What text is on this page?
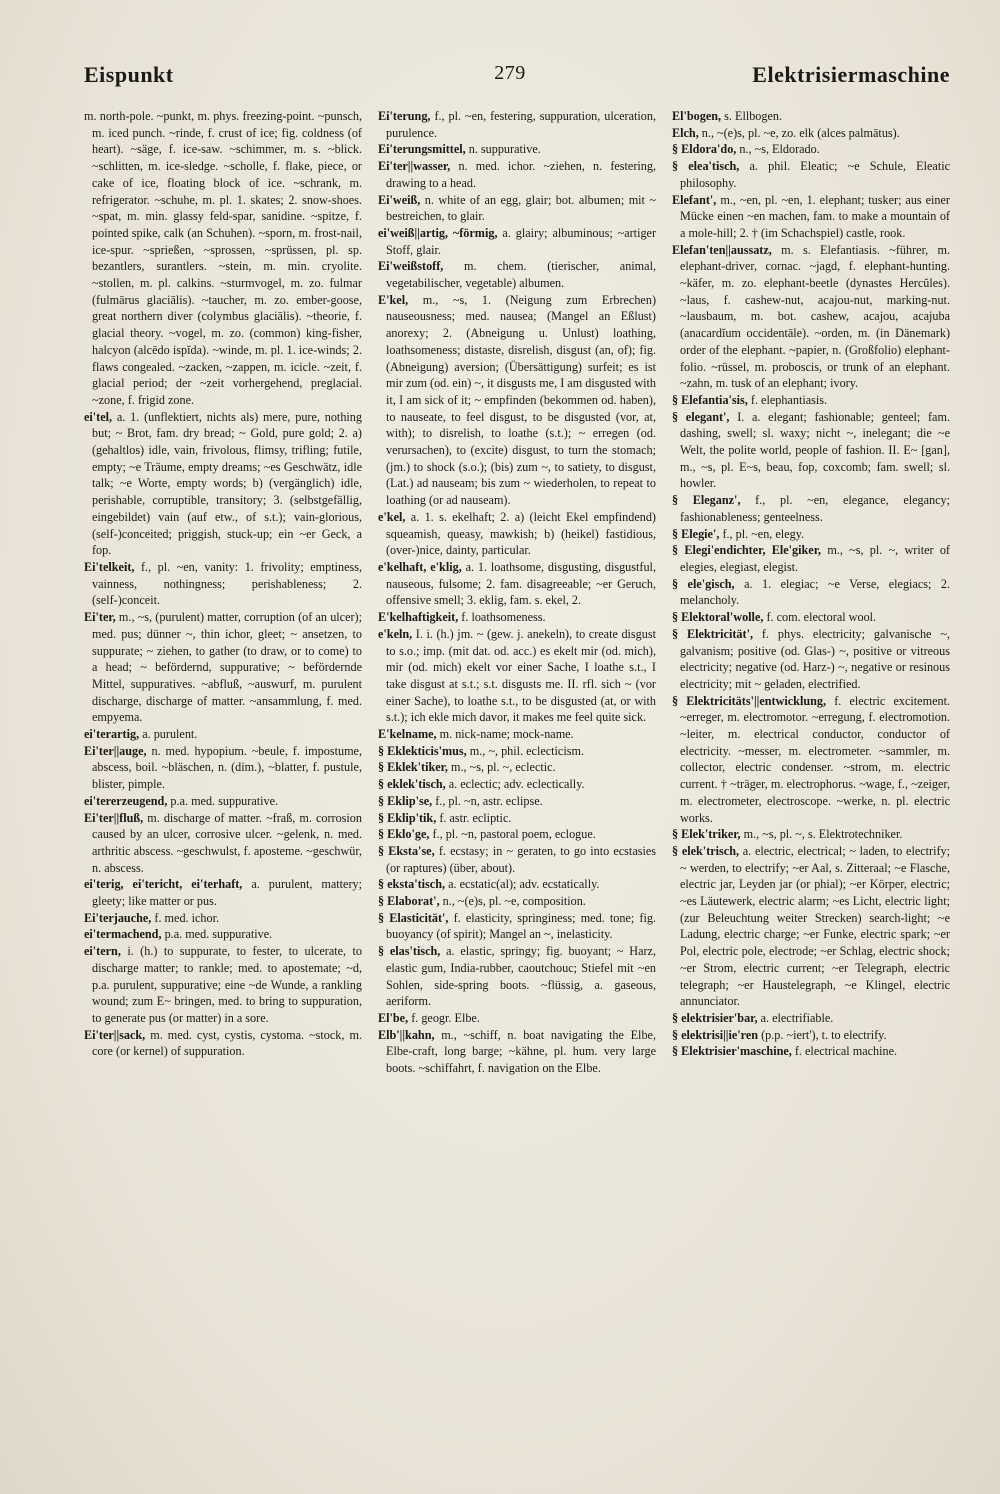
Eispunkt	279	Elektrisiermaschine

m. north-pole. ~punkt, m. phys. freezing-point. ~punsch, m. iced punch. ~rinde, f. crust of ice; fig. coldness (of heart). ~säge, f. ice-saw. ~schimmer, m. s. ~blick. ~schlitten, m. ice-sledge. ~scholle, f. flake, piece, or cake of ice, floating block of ice. ~schrank, m. refrigerator. ~schuhe, m. pl. 1. skates; 2. snow-shoes. ~spat, m. min. glassy feld-spar, sanidine. ~spitze, f. pointed spike, calk (an Schuhen). ~sporn, m. frost-nail, ice-spur. ~sprießen, ~sprossen, ~sprüssen, pl. sp. bezantlers, surantlers. ~stein, m. min. cryolite. ~stollen, m. pl. calkins. ~sturmvogel, m. zo. fulmar (fulmārus glaciālis). ~taucher, m. zo. ember-goose, great northern diver (colymbus glaciālis). ~theorie, f. glacial theory. ~vogel, m. zo. (common) king-fisher, halcyon (alcēdo ispĭda). ~winde, m. pl. 1. ice-winds; 2. flaws congealed. ~zacken, ~zappen, m. icicle. ~zeit, f. glacial period; der ~zeit vorhergehend, preglacial. ~zone, f. frigid zone.

ei'tel, a. 1. (unflektiert, nichts als) mere, pure, nothing but; ~ Brot, fam. dry bread; ~ Gold, pure gold; 2. a) (gehaltlos) idle, vain, frivolous, flimsy, trifling; futile, empty; ~e Träume, empty dreams; ~es Geschwätz, idle talk; ~e Worte, empty words; b) (vergänglich) idle, perishable, corruptible, transitory; 3. (selbstgefällig, eingebildet) vain (auf etw., of s.t.); vain-glorious, (self-)conceited; priggish, stuck-up; ein ~er Geck, a fop.

Ei'telkeit, f., pl. ~en, vanity: 1. frivolity; emptiness, vainness, nothingness; perishableness; 2. (self-)conceit.

Ei'ter, m., ~s, (purulent) matter, corruption (of an ulcer); med. pus; dünner ~, thin ichor, gleet; ~ ansetzen, to suppurate; ~ ziehen, to gather (to draw, or to come) to a head; ~ befördernd, suppurative; ~ befördernde Mittel, suppuratives. ~abfluß, ~auswurf, m. purulent discharge, discharge of matter. ~ansammlung, f. med. empyema.

ei'terartig, a. purulent.

Ei'ter||auge, n. med. hypopium. ~beule, f. impostume, abscess, boil. ~bläschen, n. (dim.), ~blatter, f. pustule, blister, pimple.

ei'tererzeugend, p.a. med. suppurative.

Ei'ter||fluß, m. discharge of matter. ~fraß, m. corrosion caused by an ulcer, corrosive ulcer. ~gelenk, n. med. arthritic abscess. ~geschwulst, f. aposteme. ~geschwür, n. abscess.

ei'terig, ei'tericht, ei'terhaft, a. purulent, mattery; gleety; like matter or pus.

Ei'terjauche, f. med. ichor.

ei'termachend, p.a. med. suppurative.

ei'tern, i. (h.) to suppurate, to fester, to ulcerate, to discharge matter; to rankle; med. to apostemate; ~d, p.a. purulent, suppurative; eine ~de Wunde, a rankling wound; zum E~ bringen, med. to bring to suppuration, to generate pus (or matter) in a sore.

Ei'ter||sack, m. med. cyst, cystis, cystoma. ~stock, m. core (or kernel) of suppuration.

Ei'terung, f., pl. ~en, festering, suppuration, ulceration, purulence.

Ei'terungsmittel, n. suppurative.

Ei'ter||wasser, n. med. ichor. ~ziehen, n. festering, drawing to a head.

Ei'weiß, n. white of an egg, glair; bot. albumen; mit ~ bestreichen, to glair.

ei'weiß||artig, ~förmig, a. glairy; albuminous; ~artiger Stoff, glair.

Ei'weißstoff, m. chem. (tierischer, animal, vegetabilischer, vegetable) albumen.

E'kel, m., ~s, 1. (Neigung zum Erbrechen) nauseousness; med. nausea; (Mangel an Eßlust) anorexy; 2. (Abneigung u. Unlust) loathing, loathsomeness; distaste, disrelish, disgust (an, of); fig. (Abneigung) aversion; (Übersättigung) surfeit; es ist mir zum (od. ein) ~, it disgusts me, I am disgusted with it, I am sick of it; ~ empfinden (bekommen od. haben), to nauseate, to feel disgust, to be disgusted (vor, at, with); to disrelish, to loathe (s.t.); ~ erregen (od. verursachen), to (excite) disgust, to turn the stomach; (jm.) to shock (s.o.); (bis) zum ~, to satiety, to disgust, (Lat.) ad nauseam; bis zum ~ wiederholen, to repeat to loathing (or ad nauseam).

e'kel, a. 1. s. ekelhaft; 2. a) (leicht Ekel empfindend) squeamish, queasy, mawkish; b) (heikel) fastidious, (over-)nice, dainty, particular.

e'kelhaft, e'klig, a. 1. loathsome, disgusting, disgustful, nauseous, fulsome; 2. fam. disagreeable; ~er Geruch, offensive smell; 3. eklig, fam. s. ekel, 2.

E'kelhaftigkeit, f. loathsomeness.

e'keln, I. i. (h.) jm. ~ (gew. j. anekeln), to create disgust to s.o.; imp. (mit dat. od. acc.) es ekelt mir (od. mich), mir (od. mich) ekelt vor einer Sache, I loathe s.t., I take disgust at s.t.; s.t. disgusts me. II. rfl. sich ~ (vor einer Sache), to loathe s.t., to be disgusted (at, or with s.t.); ich ekle mich davor, it makes me feel quite sick.

E'kelname, m. nick-name; mock-name.

§ Eklekticis'mus, m., ~, phil. eclecticism.

§ Eklek'tiker, m., ~s, pl. ~, eclectic.

§ eklek'tisch, a. eclectic; adv. eclectically.

§ Eklip'se, f., pl. ~n, astr. eclipse.

§ Eklip'tik, f. astr. ecliptic.

§ Eklo'ge, f., pl. ~n, pastoral poem, eclogue.

§ Eksta'se, f. ecstasy; in ~ geraten, to go into ecstasies (or raptures) (über, about).

§ eksta'tisch, a. ecstatic(al); adv. ecstatically.

§ Elaborat', n., ~(e)s, pl. ~e, composition.

§ Elasticität', f. elasticity, springiness; med. tone; fig. buoyancy (of spirit); Mangel an ~, inelasticity.

§ elas'tisch, a. elastic, springy; fig. buoyant; ~ Harz, elastic gum, India-rubber, caoutchouc; Stiefel mit ~en Sohlen, side-spring boots. ~flüssig, a. gaseous, aeriform.

El'be, f. geogr. Elbe.

Elb'||kahn, m., ~schiff, n. boat navigating the Elbe, Elbe-craft, long barge; ~kähne, pl. hum. very large boots. ~schiffahrt, f. navigation on the Elbe.

El'bogen, s. Ellbogen.

Elch, n., ~(e)s, pl. ~e, zo. elk (alces palmātus).

§ Eldora'do, n., ~s, Eldorado.

§ elea'tisch, a. phil. Eleatic; ~e Schule, Eleatic philosophy.

Elefant', m., ~en, pl. ~en, 1. elephant; tusker; aus einer Mücke einen ~en machen, fam. to make a mountain of a mole-hill; 2. † (im Schachspiel) castle, rook.

Elefan'ten||aussatz, m. s. Elefantiasis. ~führer, m. elephant-driver, cornac. ~jagd, f. elephant-hunting. ~käfer, m. zo. elephant-beetle (dynastes Hercŭles). ~laus, f. cashew-nut, acajou-nut, marking-nut. ~lausbaum, m. bot. cashew, acajou, acajuba (anacardĭum occidentāle). ~orden, m. (in Dänemark) order of the elephant. ~papier, n. (Großfolio) elephant-folio. ~rüssel, m. proboscis, or trunk of an elephant. ~zahn, m. tusk of an elephant; ivory.

§ Elefantia'sis, f. elephantiasis.

§ elegant', I. a. elegant; fashionable; genteel; fam. dashing, swell; sl. waxy; nicht ~, inelegant; die ~e Welt, the polite world, people of fashion. II. E~ [gan], m., ~s, pl. E~s, beau, fop, coxcomb; fam. swell; sl. howler.

§ Eleganz', f., pl. ~en, elegance, elegancy; fashionableness; genteelness.

§ Elegie', f., pl. ~en, elegy.

§ Elegi'endichter, Ele'giker, m., ~s, pl. ~, writer of elegies, elegiast, elegist.

§ ele'gisch, a. 1. elegiac; ~e Verse, elegiacs; 2. melancholy.

§ Elektoral'wolle, f. com. electoral wool.

§ Elektricität', f. phys. electricity; galvanische ~, galvanism; positive (od. Glas-) ~, positive or vitreous electricity; negative (od. Harz-) ~, negative or resinous electricity; mit ~ geladen, electrified.

§ Elektricitäts'||entwicklung, f. electric excitement. ~erreger, m. electromotor. ~erregung, f. electromotion. ~leiter, m. electrical conductor, conductor of electricity. ~messer, m. electrometer. ~sammler, m. collector, electric condenser. ~strom, m. electric current. † ~träger, m. electrophorus. ~wage, f., ~zeiger, m. electrometer, electroscope. ~werke, n. pl. electric works.

§ Elek'triker, m., ~s, pl. ~, s. Elektrotechniker.

§ elek'trisch, a. electric, electrical; ~ laden, to electrify; ~ werden, to electrify; ~er Aal, s. Zitteraal; ~e Flasche, electric jar, Leyden jar (or phial); ~er Körper, electric; ~es Läutewerk, electric alarm; ~es Licht, electric light; (zur Beleuchtung weiter Strecken) search-light; ~e Ladung, electric charge; ~er Funke, electric spark; ~er Pol, electric pole, electrode; ~er Schlag, electric shock; ~er Strom, electric current; ~er Telegraph, electric telegraph; ~er Haustelegraph, ~e Klingel, electric annunciator.

§ elektrisier'bar, a. electrifiable.

§ elektrisi||ie'ren (p.p. ~iert'), t. to electrify.

§ Elektrisier'maschine, f. electrical machine.
